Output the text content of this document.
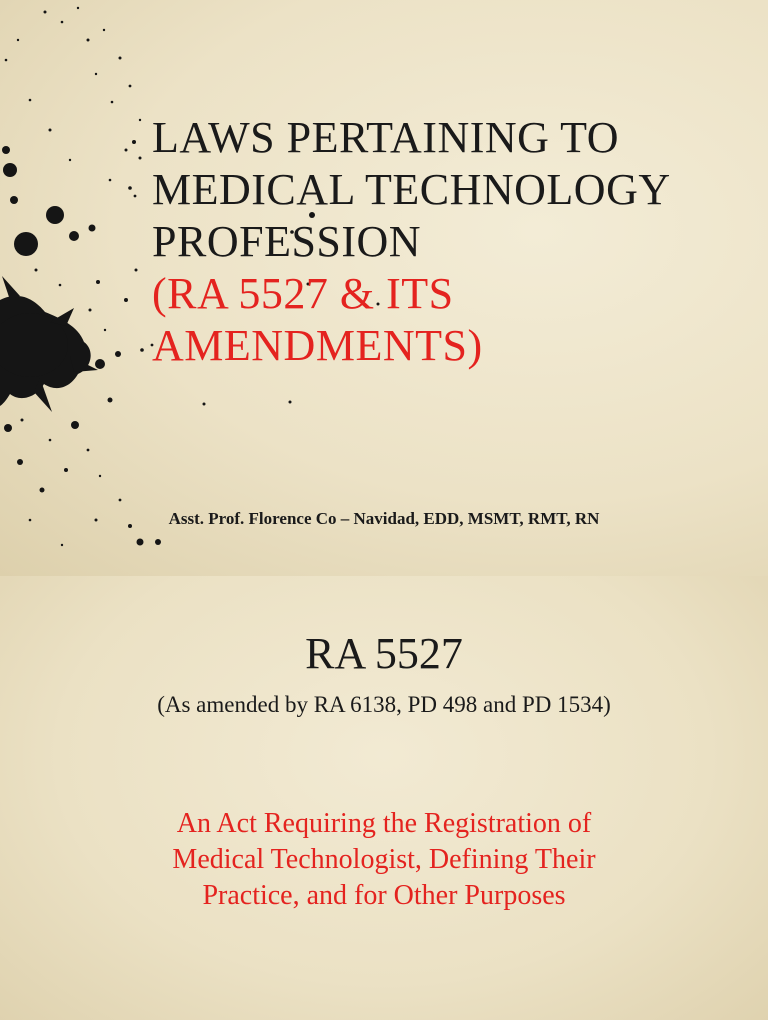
LAWS PERTAINING TO
MEDICAL TECHNOLOGY
PROFESSION
(RA 5527 & ITS
AMENDMENTS)
Asst. Prof. Florence Co – Navidad, EDD, MSMT, RMT, RN
RA 5527
(As amended by RA 6138, PD 498 and PD 1534)
An Act Requiring the Registration of
Medical Technologist, Defining Their
Practice, and for Other Purposes
